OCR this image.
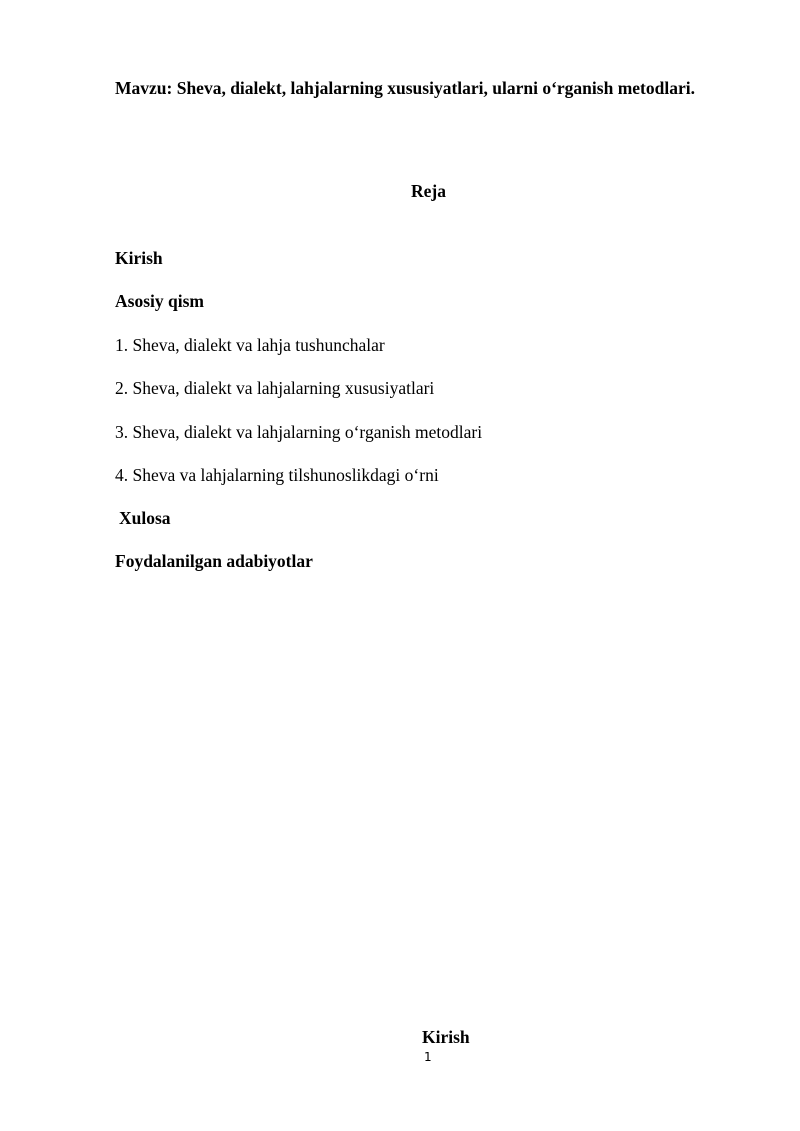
Mavzu: Sheva, dialekt, lahjalarning xususiyatlari, ularni o‘rganish metodlari.
Reja
Kirish
Asosiy qism
1. Sheva, dialekt va lahja tushunchalar
2. Sheva, dialekt va lahjalarning xususiyatlari
3. Sheva, dialekt va lahjalarning o‘rganish metodlari
4. Sheva va lahjalarning tilshunoslikdagi o‘rni
Xulosa
Foydalanilgan adabiyotlar
Kirish
1
